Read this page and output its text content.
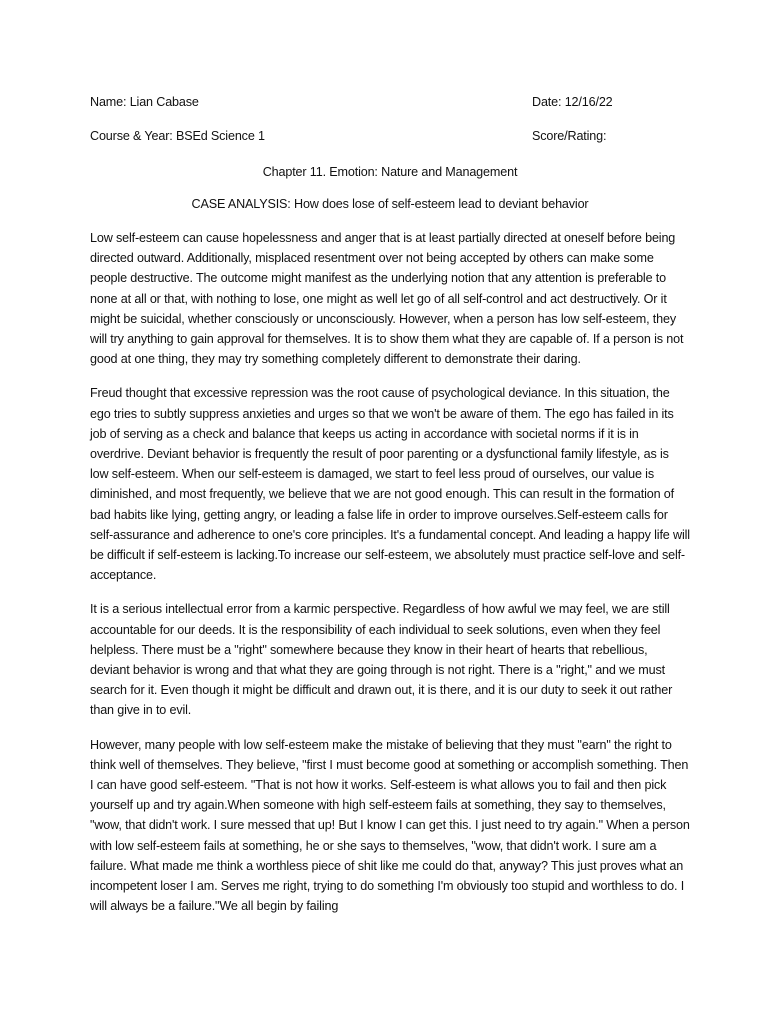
Name: Lian Cabase	Date: 12/16/22
Course & Year: BSEd Science 1	Score/Rating:
Chapter 11. Emotion: Nature and Management
CASE ANALYSIS: How does lose of self-esteem lead to deviant behavior

Low self-esteem can cause hopelessness and anger that is at least partially directed at oneself before being directed outward. Additionally, misplaced resentment over not being accepted by others can make some people destructive. The outcome might manifest as the underlying notion that any attention is preferable to none at all or that, with nothing to lose, one might as well let go of all self-control and act destructively. Or it might be suicidal, whether consciously or unconsciously. However, when a person has low self-esteem, they will try anything to gain approval for themselves. It is to show them what they are capable of. If a person is not good at one thing, they may try something completely different to demonstrate their daring.

Freud thought that excessive repression was the root cause of psychological deviance. In this situation, the ego tries to subtly suppress anxieties and urges so that we won't be aware of them. The ego has failed in its job of serving as a check and balance that keeps us acting in accordance with societal norms if it is in overdrive. Deviant behavior is frequently the result of poor parenting or a dysfunctional family lifestyle, as is low self-esteem. When our self-esteem is damaged, we start to feel less proud of ourselves, our value is diminished, and most frequently, we believe that we are not good enough. This can result in the formation of bad habits like lying, getting angry, or leading a false life in order to improve ourselves.Self-esteem calls for self-assurance and adherence to one's core principles. It's a fundamental concept. And leading a happy life will be difficult if self-esteem is lacking.To increase our self-esteem, we absolutely must practice self-love and self-acceptance.

It is a serious intellectual error from a karmic perspective. Regardless of how awful we may feel, we are still accountable for our deeds. It is the responsibility of each individual to seek solutions, even when they feel helpless. There must be a "right" somewhere because they know in their heart of hearts that rebellious, deviant behavior is wrong and that what they are going through is not right. There is a "right," and we must search for it. Even though it might be difficult and drawn out, it is there, and it is our duty to seek it out rather than give in to evil.

However, many people with low self-esteem make the mistake of believing that they must "earn" the right to think well of themselves. They believe, "first I must become good at something or accomplish something. Then I can have good self-esteem. "That is not how it works. Self-esteem is what allows you to fail and then pick yourself up and try again.When someone with high self-esteem fails at something, they say to themselves, "wow, that didn't work. I sure messed that up! But I know I can get this. I just need to try again." When a person with low self-esteem fails at something, he or she says to themselves, "wow, that didn't work. I sure am a failure. What made me think a worthless piece of shit like me could do that, anyway? This just proves what an incompetent loser I am. Serves me right, trying to do something I'm obviously too stupid and worthless to do. I will always be a failure."We all begin by failing
